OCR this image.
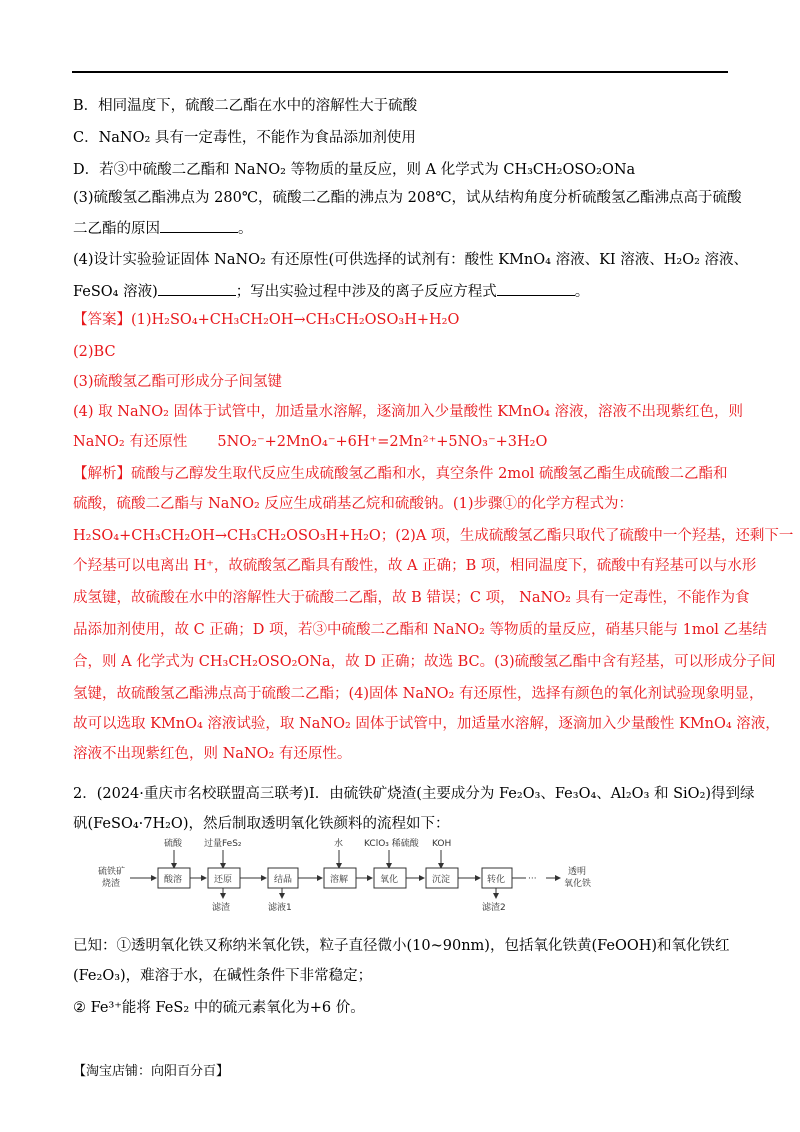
B．相同温度下，硫酸二乙酯在水中的溶解性大于硫酸
C．NaNO₂ 具有一定毒性，不能作为食品添加剂使用
D．若③中硫酸二乙酯和 NaNO₂ 等物质的量反应，则 A 化学式为 CH₃CH₂OSO₂ONa
(3)硫酸氢乙酯沸点为 280℃，硫酸二乙酯的沸点为 208℃，试从结构角度分析硫酸氢乙酯沸点高于硫酸
二乙酯的原因	。
(4)设计实验验证固体 NaNO₂ 有还原性(可供选择的试剂有：酸性 KMnO₄ 溶液、KI 溶液、H₂O₂ 溶液、
FeSO₄ 溶液)	；写出实验过程中涉及的离子反应方程式	。
【答案】(1)H₂SO₄+CH₃CH₂OH→CH₃CH₂OSO₃H+H₂O
(2)BC
(3)硫酸氢乙酯可形成分子间氢键
(4) 取 NaNO₂ 固体于试管中，加适量水溶解，逐滴加入少量酸性 KMnO₄ 溶液，溶液不出现紫红色，则
NaNO₂ 有还原性 5NO₂⁻+2MnO₄⁻+6H⁺=2Mn²⁺+5NO₃⁻+3H₂O
【解析】硫酸与乙醇发生取代反应生成硫酸氢乙酯和水，真空条件 2mol 硫酸氢乙酯生成硫酸二乙酯和
硫酸，硫酸二乙酯与 NaNO₂ 反应生成硝基乙烷和硫酸钠。(1)步骤①的化学方程式为：
H₂SO₄+CH₃CH₂OH→CH₃CH₂OSO₃H+H₂O；(2)A 项，生成硫酸氢乙酯只取代了硫酸中一个羟基，还剩下一
个羟基可以电离出 H⁺，故硫酸氢乙酯具有酸性，故 A 正确；B 项，相同温度下，硫酸中有羟基可以与水形
成氢键，故硫酸在水中的溶解性大于硫酸二乙酯，故 B 错误；C 项， NaNO₂ 具有一定毒性，不能作为食
品添加剂使用，故 C 正确；D 项，若③中硫酸二乙酯和 NaNO₂ 等物质的量反应，硝基只能与 1mol 乙基结
合，则 A 化学式为 CH₃CH₂OSO₂ONa，故 D 正确；故选 BC。(3)硫酸氢乙酯中含有羟基，可以形成分子间
氢键，故硫酸氢乙酯沸点高于硫酸二乙酯；(4)固体 NaNO₂ 有还原性，选择有颜色的氧化剂试验现象明显，
故可以选取 KMnO₄ 溶液试验，取 NaNO₂ 固体于试管中，加适量水溶解，逐滴加入少量酸性 KMnO₄ 溶液，
溶液不出现紫红色，则 NaNO₂ 有还原性。
2．(2024·重庆市名校联盟高三联考)I．由硫铁矿烧渣(主要成分为 Fe₂O₃、Fe₃O₄、Al₂O₃ 和 SiO₂)得到绿
矾(FeSO₄·7H₂O)，然后制取透明氧化铁颜料的流程如下：
硫铁矿
烧渣	酸溶	还原	结晶	溶解	氧化	沉淀	转化
硫酸 过量FeS₂	水 KClO₃ 稀硫酸 KOH
滤渣	滤液1	滤渣2
···
透明
氧化铁
已知：①透明氧化铁又称纳米氧化铁，粒子直径微小(10~90nm)，包括氧化铁黄(FeOOH)和氧化铁红
(Fe₂O₃)，难溶于水，在碱性条件下非常稳定；
② Fe³⁺能将 FeS₂ 中的硫元素氧化为+6 价。
【淘宝店铺：向阳百分百】
